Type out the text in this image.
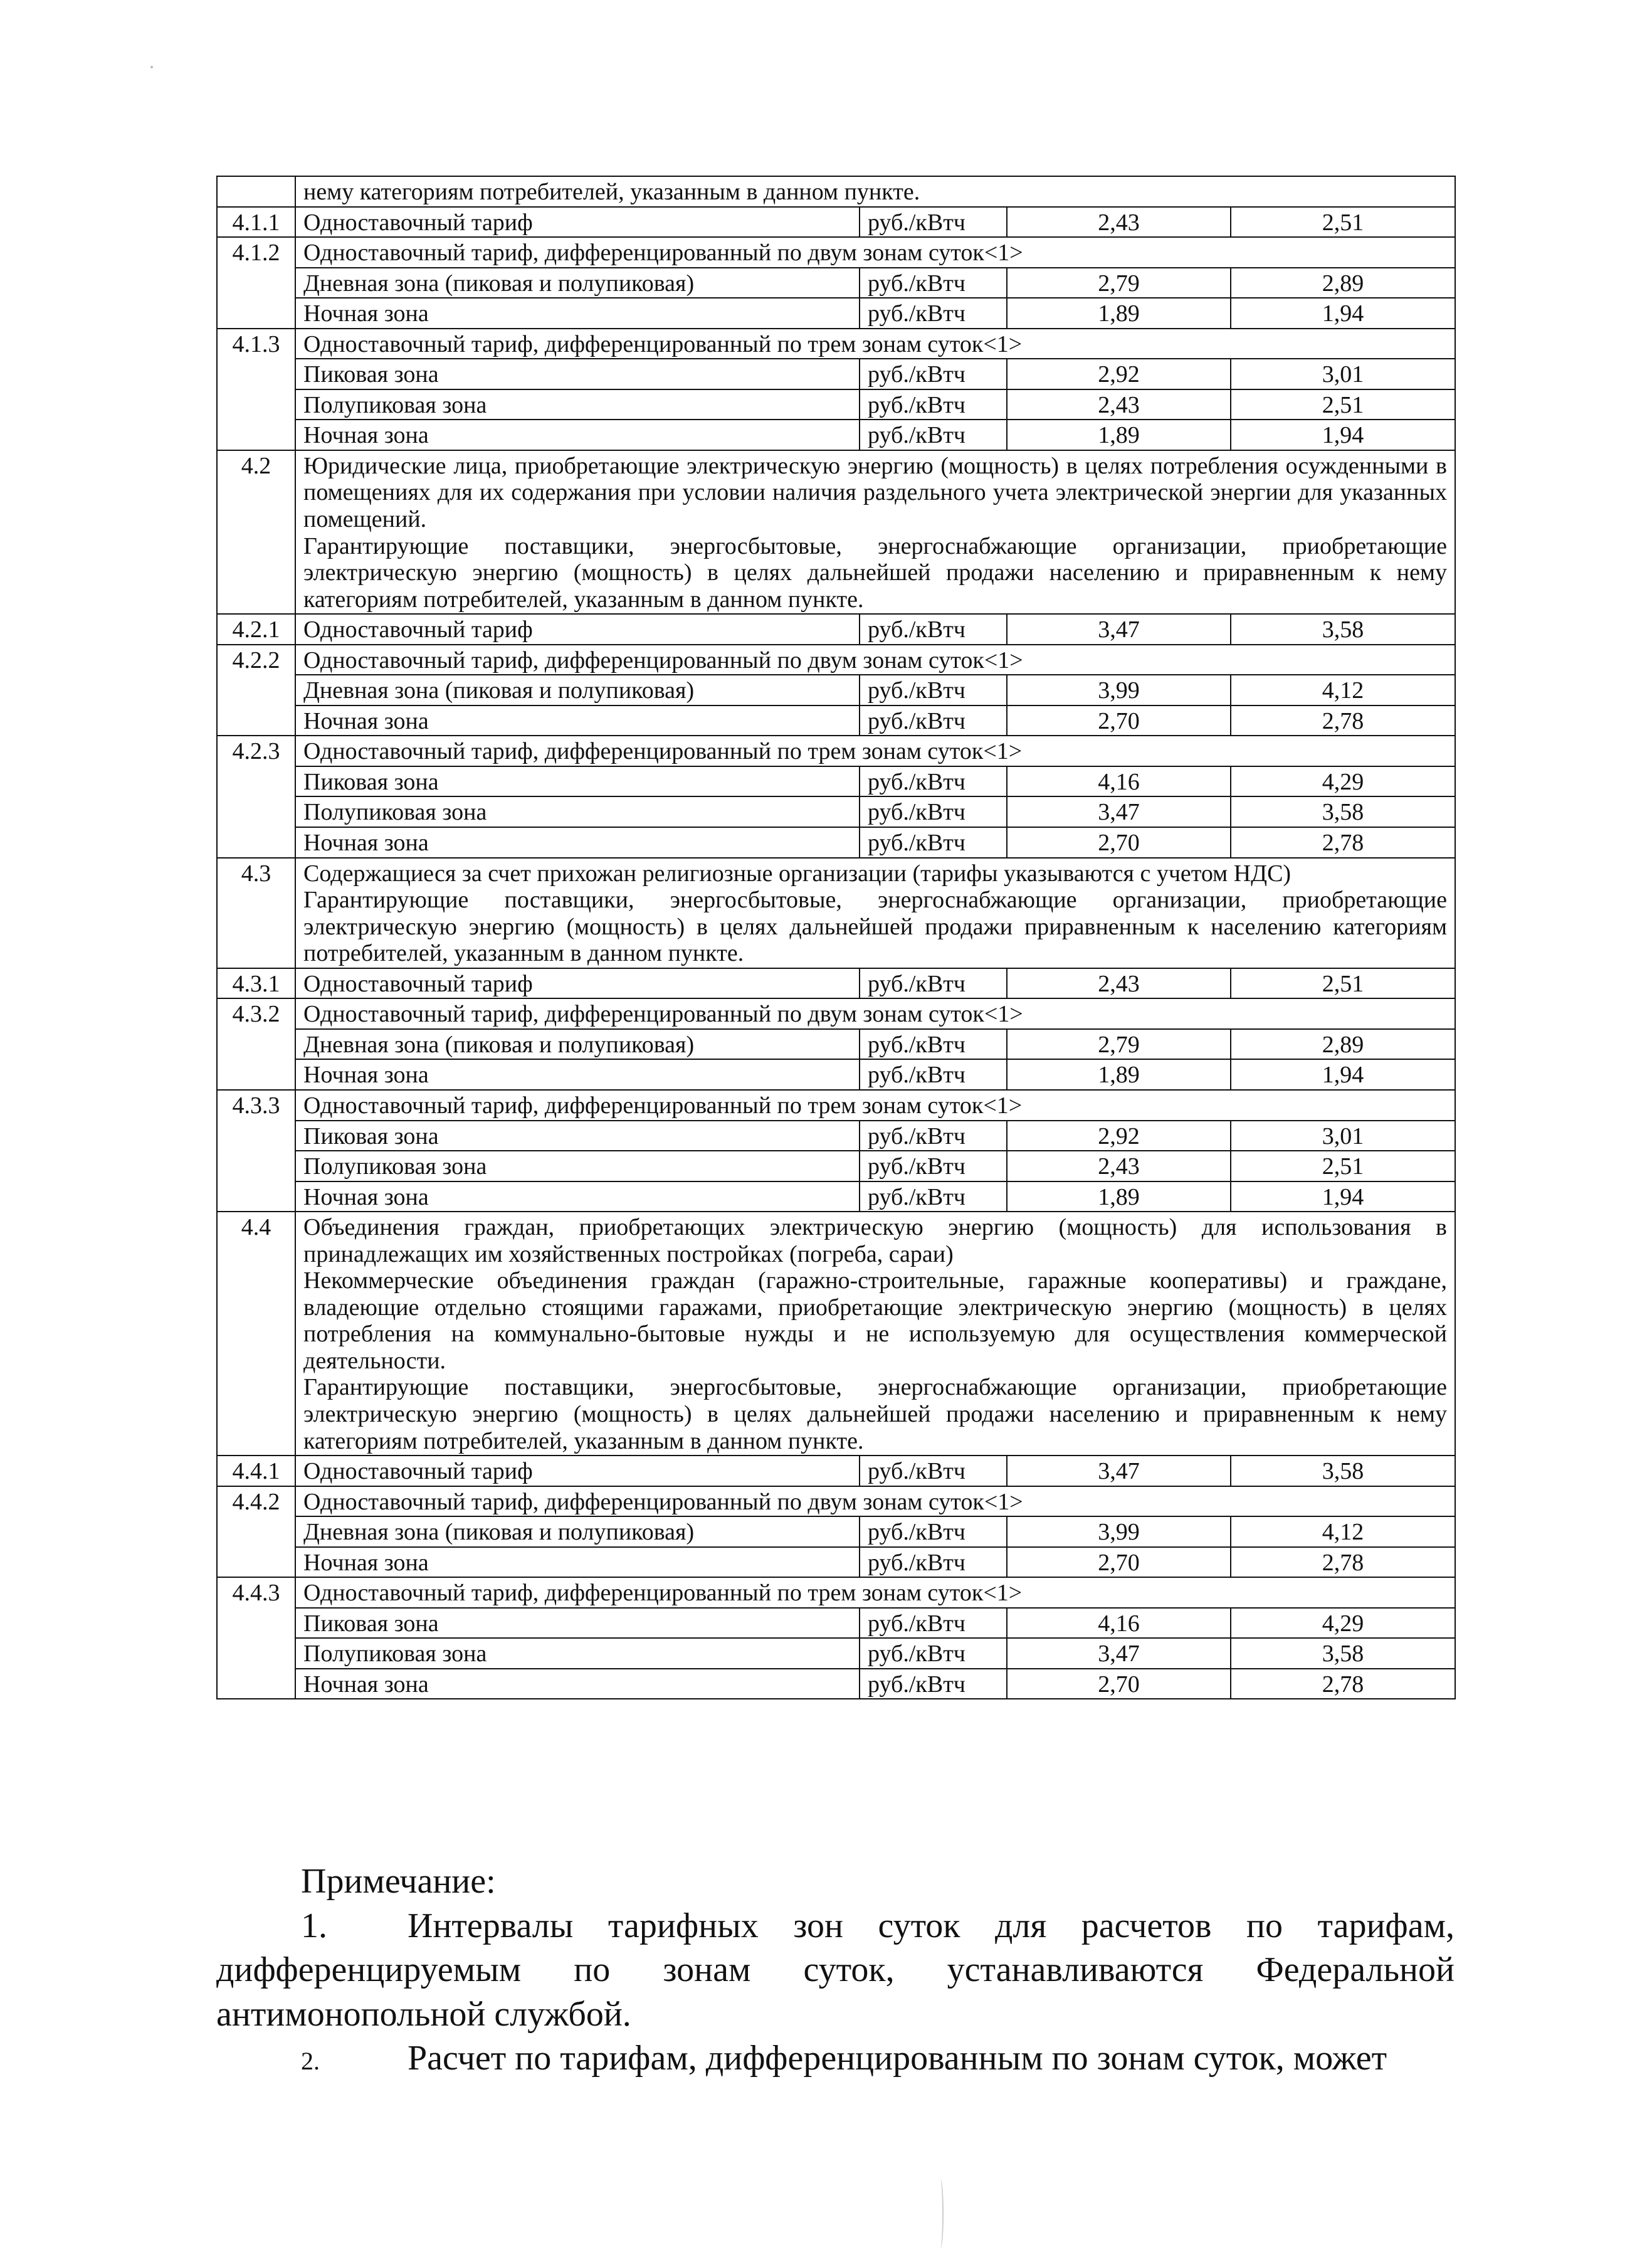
	нему категориям потребителей, указанным в данном пункте.			
4.1.1	Одноставочный тариф	руб./кВтч	2,43	2,51
4.1.2	Одноставочный тариф, дифференцированный по двум зонам суток<1>			
	Дневная зона (пиковая и полупиковая)	руб./кВтч	2,79	2,89
	Ночная зона	руб./кВтч	1,89	1,94
4.1.3	Одноставочный тариф, дифференцированный по трем зонам суток<1>			
	Пиковая зона	руб./кВтч	2,92	3,01
	Полупиковая зона	руб./кВтч	2,43	2,51
	Ночная зона	руб./кВтч	1,89	1,94
4.2	Юридические лица, приобретающие электрическую энергию (мощность) в целях потребления осужденными в помещениях для их содержания при условии наличия раздельного учета электрической энергии для указанных помещений.
Гарантирующие поставщики, энергосбытовые, энергоснабжающие организации, приобретающие электрическую энергию (мощность) в целях дальнейшей продажи населению и приравненным к нему категориям потребителей, указанным в данном пункте.			

4.2.1	Одноставочный тариф	руб./кВтч	3,47	3,58
4.2.2	Одноставочный тариф, дифференцированный по двум зонам суток<1>			
	Дневная зона (пиковая и полупиковая)	руб./кВтч	3,99	4,12
	Ночная зона	руб./кВтч	2,70	2,78
4.2.3	Одноставочный тариф, дифференцированный по трем зонам суток<1>			
	Пиковая зона	руб./кВтч	4,16	4,29
	Полупиковая зона	руб./кВтч	3,47	3,58
	Ночная зона	руб./кВтч	2,70	2,78
4.3	Содержащиеся за счет прихожан религиозные организации (тарифы указываются с учетом НДС)
Гарантирующие поставщики, энергосбытовые, энергоснабжающие организации, приобретающие электрическую энергию (мощность) в целях дальнейшей продажи приравненным к населению категориям потребителей, указанным в данном пункте.			

4.3.1	Одноставочный тариф	руб./кВтч	2,43	2,51
4.3.2	Одноставочный тариф, дифференцированный по двум зонам суток<1>			
	Дневная зона (пиковая и полупиковая)	руб./кВтч	2,79	2,89
	Ночная зона	руб./кВтч	1,89	1,94
4.3.3	Одноставочный тариф, дифференцированный по трем зонам суток<1>			
	Пиковая зона	руб./кВтч	2,92	3,01
	Полупиковая зона	руб./кВтч	2,43	2,51
	Ночная зона	руб./кВтч	1,89	1,94
4.4	Объединения граждан, приобретающих электрическую энергию (мощность) для использования в принадлежащих им хозяйственных постройках (погреба, сараи)
Некоммерческие объединения граждан (гаражно-строительные, гаражные кооперативы) и граждане, владеющие отдельно стоящими гаражами, приобретающие электрическую энергию (мощность) в целях потребления на коммунально-бытовые нужды и не используемую для осуществления коммерческой деятельности.
Гарантирующие поставщики, энергосбытовые, энергоснабжающие организации, приобретающие электрическую энергию (мощность) в целях дальнейшей продажи населению и приравненным к нему категориям потребителей, указанным в данном пункте.			

4.4.1	Одноставочный тариф	руб./кВтч	3,47	3,58
4.4.2	Одноставочный тариф, дифференцированный по двум зонам суток<1>			
	Дневная зона (пиковая и полупиковая)	руб./кВтч	3,99	4,12
	Ночная зона	руб./кВтч	2,70	2,78
4.4.3	Одноставочный тариф, дифференцированный по трем зонам суток<1>			
	Пиковая зона	руб./кВтч	4,16	4,29
	Полупиковая зона	руб./кВтч	3,47	3,58
	Ночная зона	руб./кВтч	2,70	2,78
Примечание:
1. Интервалы тарифных зон суток для расчетов по тарифам, дифференцируемым по зонам суток, устанавливаются Федеральной антимонопольной службой.
2.	Расчет по тарифам, дифференцированным по зонам суток, может
